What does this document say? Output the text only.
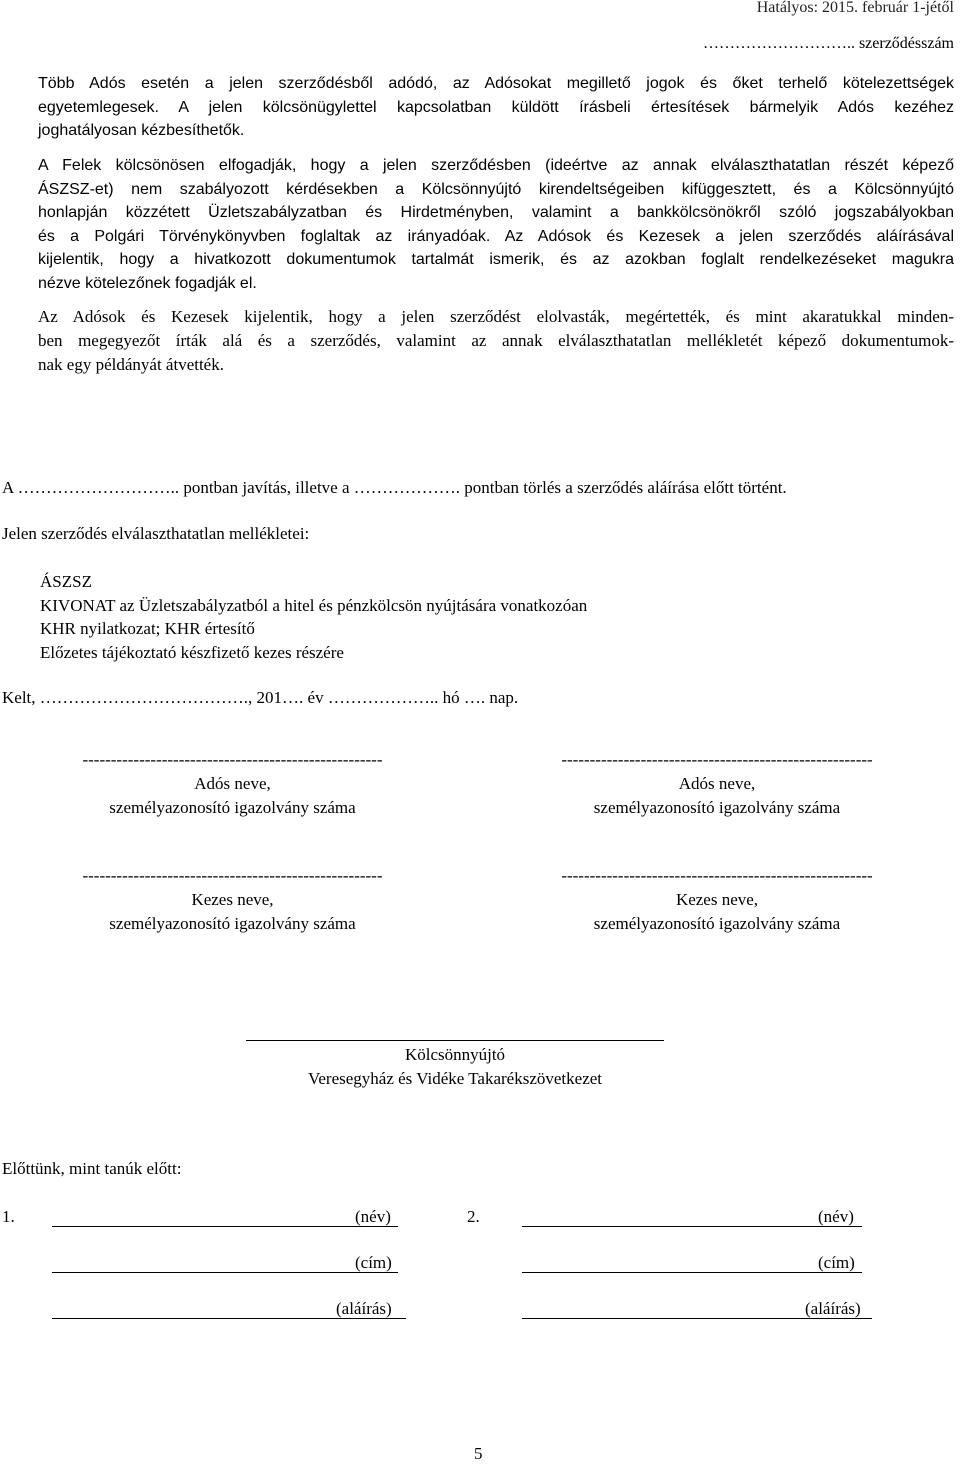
Hatályos: 2015. február 1-jétől
……………………….. szerződésszám
Több Adós esetén a jelen szerződésből adódó, az Adósokat megillető jogok és őket terhelő kötelezettségek
egyetemlegesek. A jelen kölcsönügylettel kapcsolatban küldött írásbeli értesítések bármelyik Adós kezéhez
joghatályosan kézbesíthetők.
A Felek kölcsönösen elfogadják, hogy a jelen szerződésben (ideértve az annak elválaszthatatlan részét képező
ÁSZSZ-et) nem szabályozott kérdésekben a Kölcsönnyújtó kirendeltségeiben kifüggesztett, és a Kölcsönnyújtó
honlapján közzétett Üzletszabályzatban és Hirdetményben, valamint a bankkölcsönökről szóló jogszabályokban
és a Polgári Törvénykönyvben foglaltak az irányadóak. Az Adósok és Kezesek a jelen szerződés aláírásával
kijelentik, hogy a hivatkozott dokumentumok tartalmát ismerik, és az azokban foglalt rendelkezéseket magukra
nézve kötelezőnek fogadják el.
Az Adósok és Kezesek kijelentik, hogy a jelen szerződést elolvasták, megértették, és mint akaratukkal minden-
ben megegyezőt írták alá és a szerződés, valamint az annak elválaszthatatlan mellékletét képező dokumentumok-
nak egy példányát átvették.
A ……………………….. pontban javítás, illetve a ………………. pontban törlés a szerződés aláírása előtt történt.
Jelen szerződés elválaszthatatlan mellékletei:
ÁSZSZ
KIVONAT az Üzletszabályzatból a hitel és pénzkölcsön nyújtására vonatkozóan
KHR nyilatkozat; KHR értesítő
Előzetes tájékoztató készfizető kezes részére
Kelt, ………………………………., 201…. év ……………….. hó …. nap.
-----------------------------------------------------
Adós neve,
személyazonosító igazolvány száma
-------------------------------------------------------
Adós neve,
személyazonosító igazolvány száma
-----------------------------------------------------
Kezes neve,
személyazonosító igazolvány száma
-------------------------------------------------------
Kezes neve,
személyazonosító igazolvány száma
Kölcsönnyújtó
Veresegyház és Vidéke Takarékszövetkezet
Előttünk, mint tanúk előtt:
1.	(név)
(cím)
(aláírás)
2.	(név)
(cím)
(aláírás)
5
